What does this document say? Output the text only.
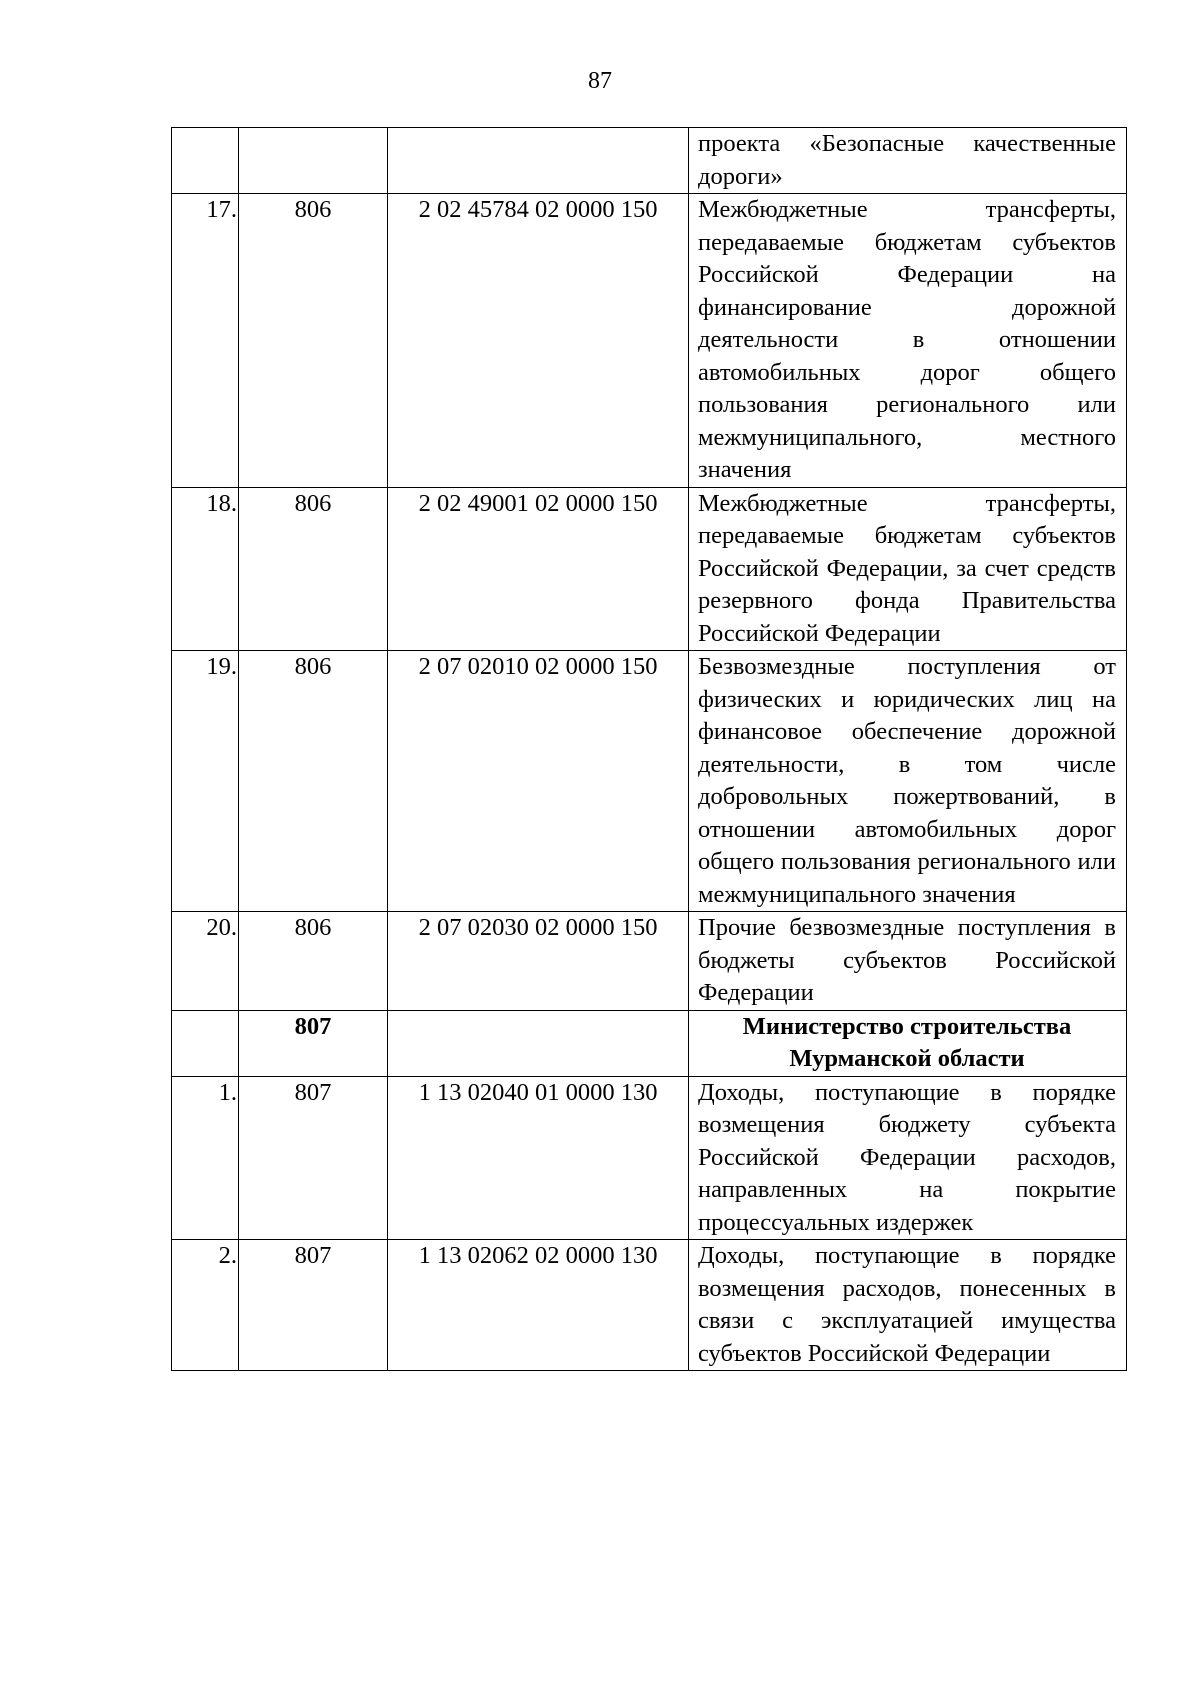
87

			проекта «Безопасные качественные дороги»

17.	806	2 02 45784 02 0000 150	Межбюджетные трансферты, передаваемые бюджетам субъектов Российской Федерации на финансирование дорожной деятельности в отношении автомобильных дорог общего пользования регионального или межмуниципального, местного значения

18.	806	2 02 49001 02 0000 150	Межбюджетные трансферты, передаваемые бюджетам субъектов Российской Федерации, за счет средств резервного фонда Правительства Российской Федерации

19.	806	2 07 02010 02 0000 150	Безвозмездные поступления от физических и юридических лиц на финансовое обеспечение дорожной деятельности, в том числе добровольных пожертвований, в отношении автомобильных дорог общего пользования регионального или межмуниципального значения

20.	806	2 07 02030 02 0000 150	Прочие безвозмездные поступления в бюджеты субъектов Российской Федерации

	807		Министерство строительства Мурманской области

1.	807	1 13 02040 01 0000 130	Доходы, поступающие в порядке возмещения бюджету субъекта Российской Федерации расходов, направленных на покрытие процессуальных издержек

2.	807	1 13 02062 02 0000 130	Доходы, поступающие в порядке возмещения расходов, понесенных в связи с эксплуатацией имущества субъектов Российской Федерации
